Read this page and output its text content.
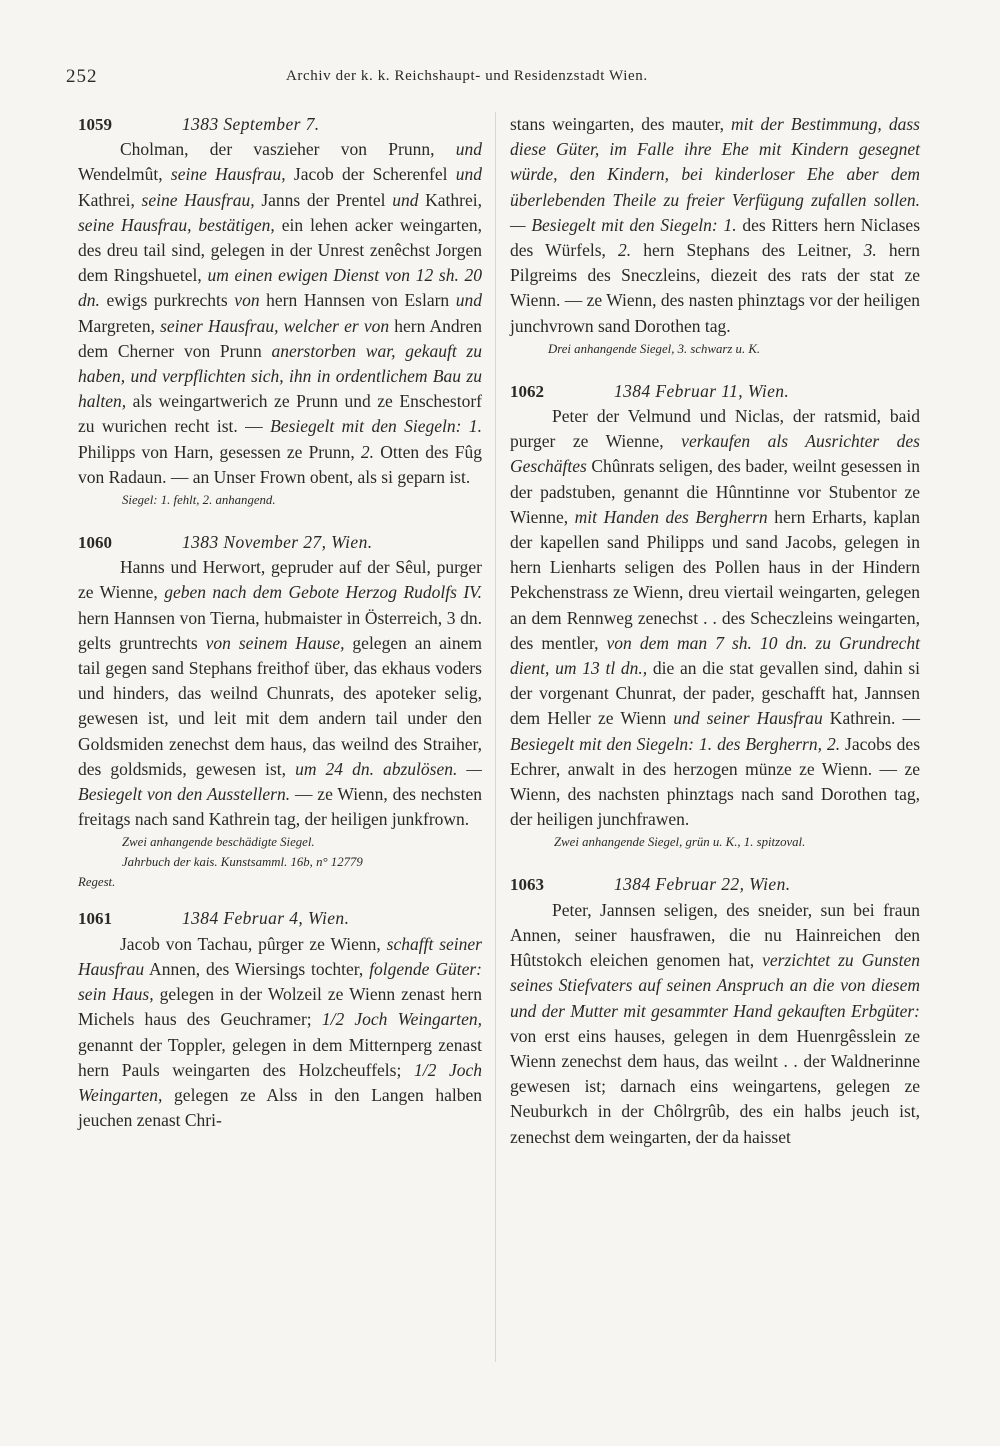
252	Archiv der k. k. Reichshaupt- und Residenzstadt Wien.

1059	1383 September 7.

Cholman, der vaszieher von Prunn, und Wendelmût, seine Hausfrau, Jacob der Scherenfel und Kathrei, seine Hausfrau, Janns der Prentel und Kathrei, seine Hausfrau, bestätigen, ein lehen acker weingarten, des dreu tail sind, gelegen in der Unrest zenêchst Jorgen dem Ringshuetel, um einen ewigen Dienst von 12 sh. 20 dn. ewigs purkrechts von hern Hannsen von Eslarn und Margreten, seiner Hausfrau, welcher er von hern Andren dem Cherner von Prunn anerstorben war, gekauft zu haben, und verpflichten sich, ihn in ordentlichem Bau zu halten, als weingartwerich ze Prunn und ze Enschestorf zu wurichen recht ist. — Besiegelt mit den Siegeln: 1. Philipps von Harn, gesessen ze Prunn, 2. Otten des Fûg von Radaun. — an Unser Frown obent, als si geparn ist.

Siegel: 1. fehlt, 2. anhangend.

1060	1383 November 27, Wien.

Hanns und Herwort, gepruder auf der Sêul, purger ze Wienne, geben nach dem Gebote Herzog Rudolfs IV. hern Hannsen von Tierna, hubmaister in Österreich, 3 dn. gelts gruntrechts von seinem Hause, gelegen an ainem tail gegen sand Stephans freithof über, das ekhaus voders und hinders, das weilnd Chunrats, des apoteker selig, gewesen ist, und leit mit dem andern tail under den Goldsmiden zenechst dem haus, das weilnd des Straiher, des goldsmids, gewesen ist, um 24 dn. abzulösen. — Besiegelt von den Ausstellern. — ze Wienn, des nechsten freitags nach sand Kathrein tag, der heiligen junkfrown.

Zwei anhangende beschädigte Siegel.

Jahrbuch der kais. Kunstsamml. 16b, n° 12779

Regest.

1061	1384 Februar 4, Wien.

Jacob von Tachau, pûrger ze Wienn, schafft seiner Hausfrau Annen, des Wiersings tochter, folgende Güter: sein Haus, gelegen in der Wolzeil ze Wienn zenast hern Michels haus des Geuchramer; 1/2 Joch Weingarten, genannt der Toppler, gelegen in dem Mitternperg zenast hern Pauls weingarten des Holzcheuffels; 1/2 Joch Weingarten, gelegen ze Alss in den Langen halben jeuchen zenast Chri-

stans weingarten, des mauter, mit der Bestimmung, dass diese Güter, im Falle ihre Ehe mit Kindern gesegnet würde, den Kindern, bei kinderloser Ehe aber dem überlebenden Theile zu freier Verfügung zufallen sollen. — Besiegelt mit den Siegeln: 1. des Ritters hern Niclases des Würfels, 2. hern Stephans des Leitner, 3. hern Pilgreims des Sneczleins, diezeit des rats der stat ze Wienn. — ze Wienn, des nasten phinztags vor der heiligen junchvrown sand Dorothen tag.

Drei anhangende Siegel, 3. schwarz u. K.

1062	1384 Februar 11, Wien.

Peter der Velmund und Niclas, der ratsmid, baid purger ze Wienne, verkaufen als Ausrichter des Geschäftes Chûnrats seligen, des bader, weilnt gesessen in der padstuben, genannt die Hûnntinne vor Stubentor ze Wienne, mit Handen des Bergherrn hern Erharts, kaplan der kapellen sand Philipps und sand Jacobs, gelegen in hern Lienharts seligen des Pollen haus in der Hindern Pekchenstrass ze Wienn, dreu viertail weingarten, gelegen an dem Rennweg zenechst . . des Scheczleins weingarten, des mentler, von dem man 7 sh. 10 dn. zu Grundrecht dient, um 13 tl dn., die an die stat gevallen sind, dahin si der vorgenant Chunrat, der pader, geschafft hat, Jannsen dem Heller ze Wienn und seiner Hausfrau Kathrein. — Besiegelt mit den Siegeln: 1. des Bergherrn, 2. Jacobs des Echrer, anwalt in des herzogen münze ze Wienn. — ze Wienn, des nachsten phinztags nach sand Dorothen tag, der heiligen junchfrawen.

Zwei anhangende Siegel, grün u. K., 1. spitzoval.

1063	1384 Februar 22, Wien.

Peter, Jannsen seligen, des sneider, sun bei fraun Annen, seiner hausfrawen, die nu Hainreichen den Hûtstokch eleichen genomen hat, verzichtet zu Gunsten seines Stiefvaters auf seinen Anspruch an die von diesem und der Mutter mit gesammter Hand gekauften Erbgüter: von erst eins hauses, gelegen in dem Huenrgêsslein ze Wienn zenechst dem haus, das weilnt . . der Waldnerinne gewesen ist; darnach eins weingartens, gelegen ze Neuburkch in der Chôlrgrûb, des ein halbs jeuch ist, zenechst dem weingarten, der da haisset
